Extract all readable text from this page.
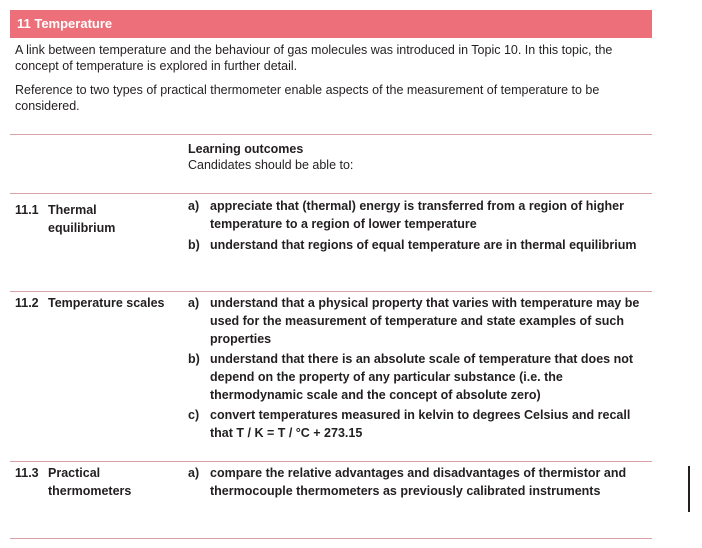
11 Temperature
A link between temperature and the behaviour of gas molecules was introduced in Topic 10. In this topic, the concept of temperature is explored in further detail.
Reference to two types of practical thermometer enable aspects of the measurement of temperature to be considered.
Learning outcomes
Candidates should be able to:
11.1 Thermal equilibrium
a) appreciate that (thermal) energy is transferred from a region of higher temperature to a region of lower temperature
b) understand that regions of equal temperature are in thermal equilibrium
11.2 Temperature scales a) understand that a physical property that varies with temperature may be used for the measurement of temperature and state examples of such properties
b) understand that there is an absolute scale of temperature that does not depend on the property of any particular substance (i.e. the thermodynamic scale and the concept of absolute zero)
c) convert temperatures measured in kelvin to degrees Celsius and recall that T / K = T / °C + 273.15
11.3 Practical thermometers
a) compare the relative advantages and disadvantages of thermistor and thermocouple thermometers as previously calibrated instruments
